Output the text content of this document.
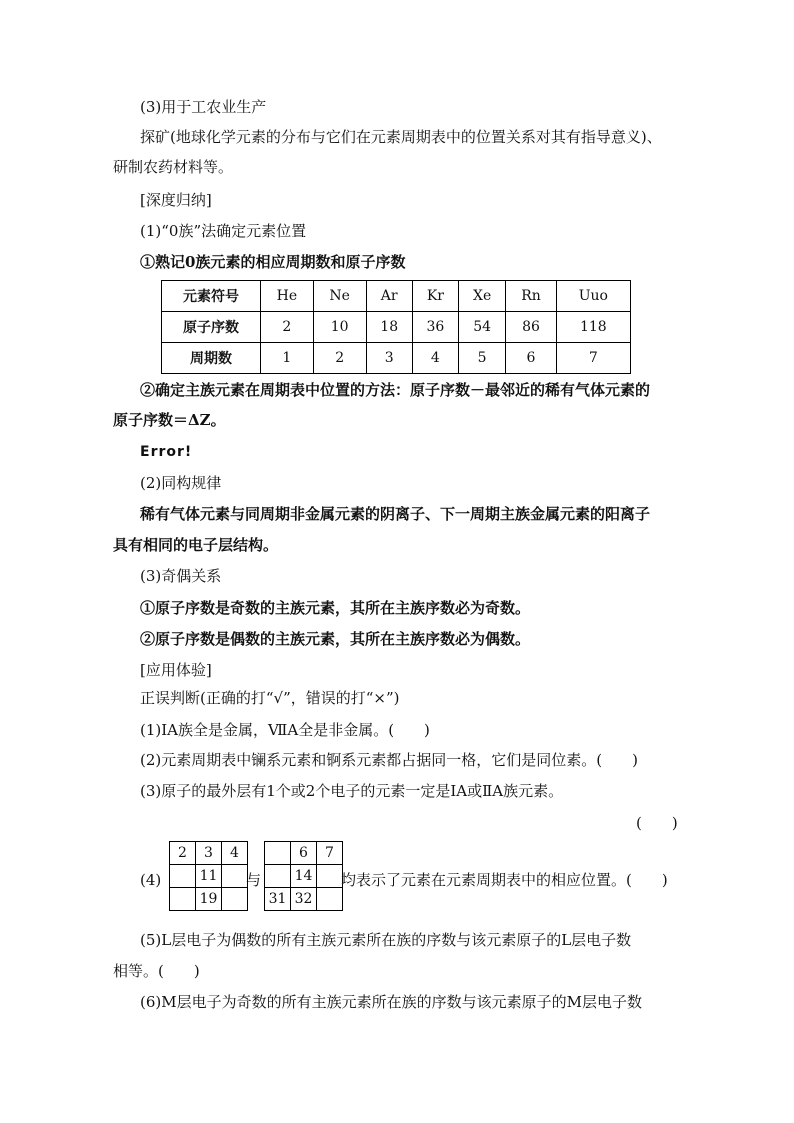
(3)用于工农业生产
探矿(地球化学元素的分布与它们在元素周期表中的位置关系对其有指导意义)、
研制农药材料等。
[深度归纳]
(1)“0族”法确定元素位置
①熟记0族元素的相应周期数和原子序数
元素符号	He	Ne	Ar	Kr	Xe	Rn	Uuo
原子序数	2	10	18	36	54	86	118
周期数	1	2	3	4	5	6	7
②确定主族元素在周期表中位置的方法：原子序数－最邻近的稀有气体元素的
原子序数＝ΔZ。
Error!
(2)同构规律
稀有气体元素与同周期非金属元素的阴离子、下一周期主族金属元素的阳离子
具有相同的电子层结构。
(3)奇偶关系
①原子序数是奇数的主族元素，其所在主族序数必为奇数。
②原子序数是偶数的主族元素，其所在主族序数必为偶数。
[应用体验]
正误判断(正确的打“√”，错误的打“×”)
(1)ⅠA族全是金属，ⅦA全是非金属。(　　)
(2)元素周期表中镧系元素和锕系元素都占据同一格，它们是同位素。(　　)
(3)原子的最外层有1个或2个电子的元素一定是ⅠA或ⅡA族元素。
(　　)
(4)
2	3	4
	11	
	19	
与
	6	7
	14	
31	32	
均表示了元素在元素周期表中的相应位置。(　　)
(5)L层电子为偶数的所有主族元素所在族的序数与该元素原子的L层电子数
相等。(　　)
(6)M层电子为奇数的所有主族元素所在族的序数与该元素原子的M层电子数
